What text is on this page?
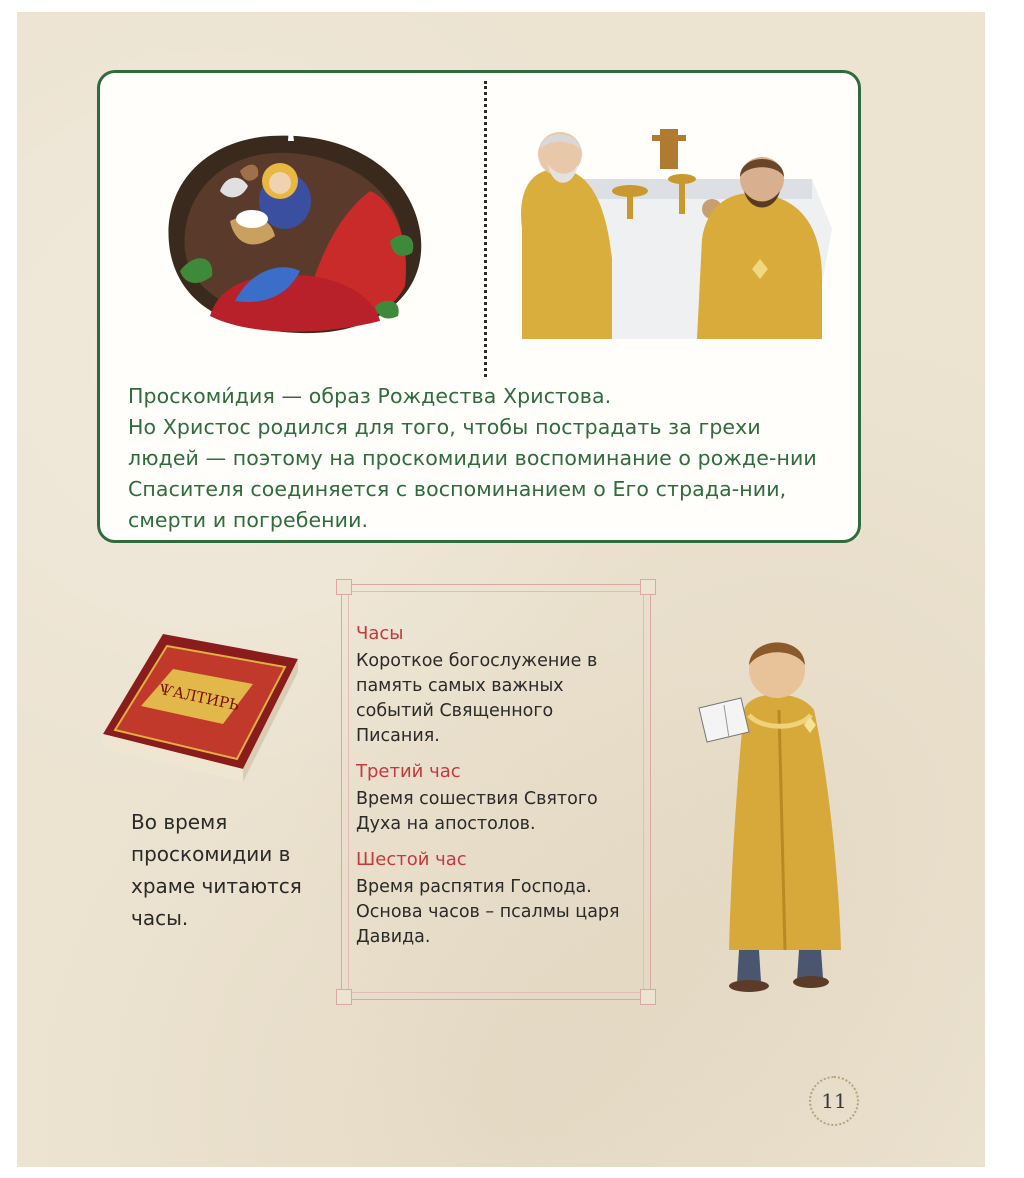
Проскоми́дия — образ Рождества Христова.

Но Христос родился для того, чтобы пострадать за грехи людей — поэтому на проскомидии воспоминание о рожде-нии Спасителя соединяется с воспоминанием о Его страда-нии, смерти и погребении.

ѰАЛТИРЬ
Во время проскомидии в храме читаются часы.

Часы

Короткое богослужение в память самых важных событий Священного Писания.

Третий час

Время сошествия Святого Духа на апостолов.

Шестой час

Время распятия Господа. Основа часов – псалмы царя Давида.

11
